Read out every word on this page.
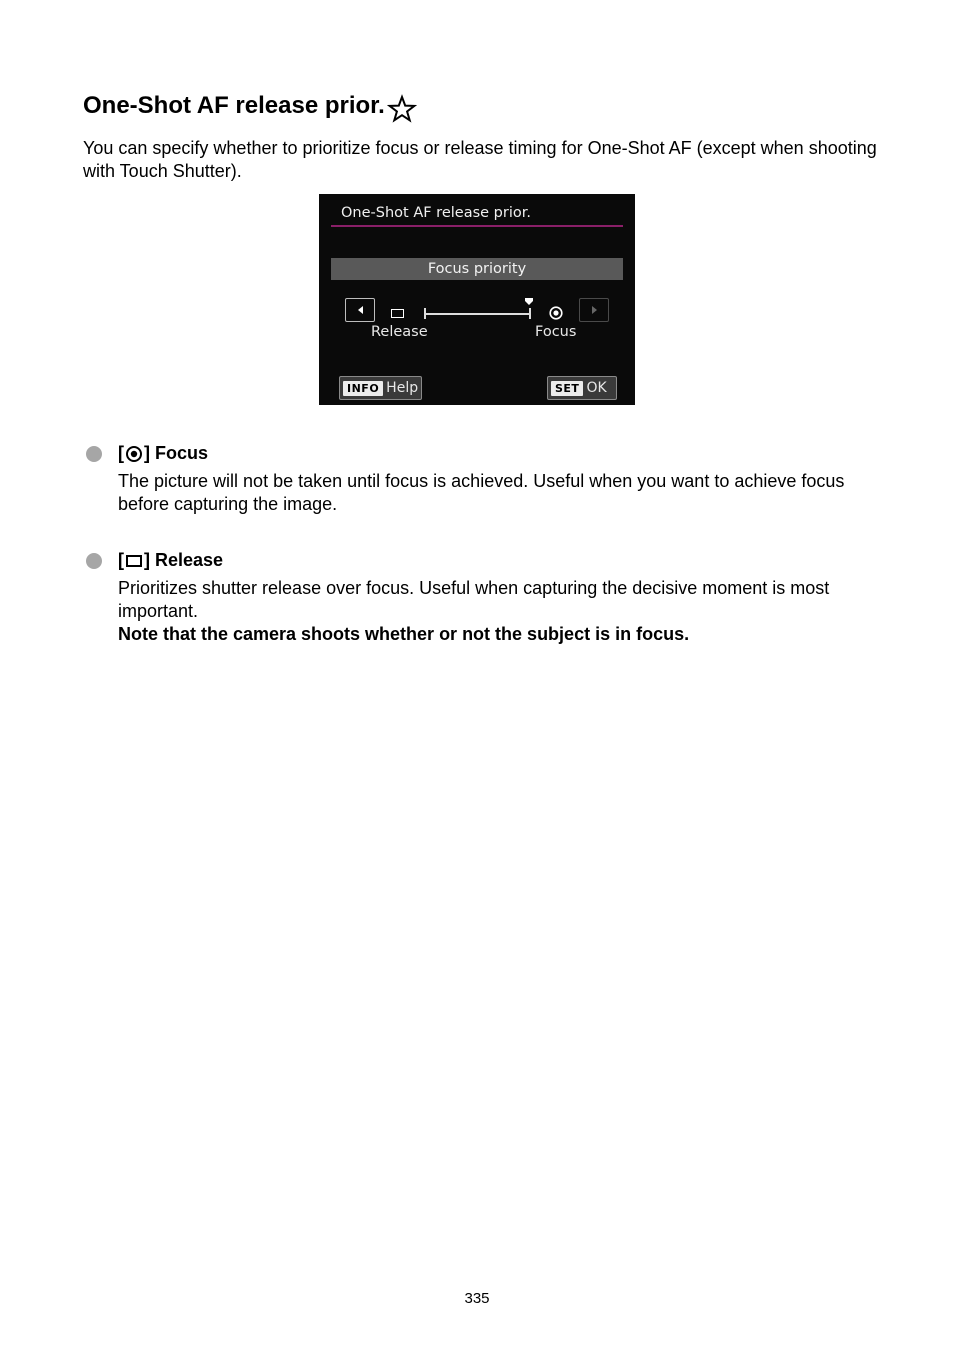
One-Shot AF release prior.
You can specify whether to prioritize focus or release timing for One-Shot AF (except when shooting with Touch Shutter).
One-Shot AF release prior.
Focus priority
Release	Focus
INFO Help	SET OK
[ ] Focus
The picture will not be taken until focus is achieved. Useful when you want to achieve focus before capturing the image.
[ ] Release
Prioritizes shutter release over focus. Useful when capturing the decisive moment is most important.
Note that the camera shoots whether or not the subject is in focus.
335
